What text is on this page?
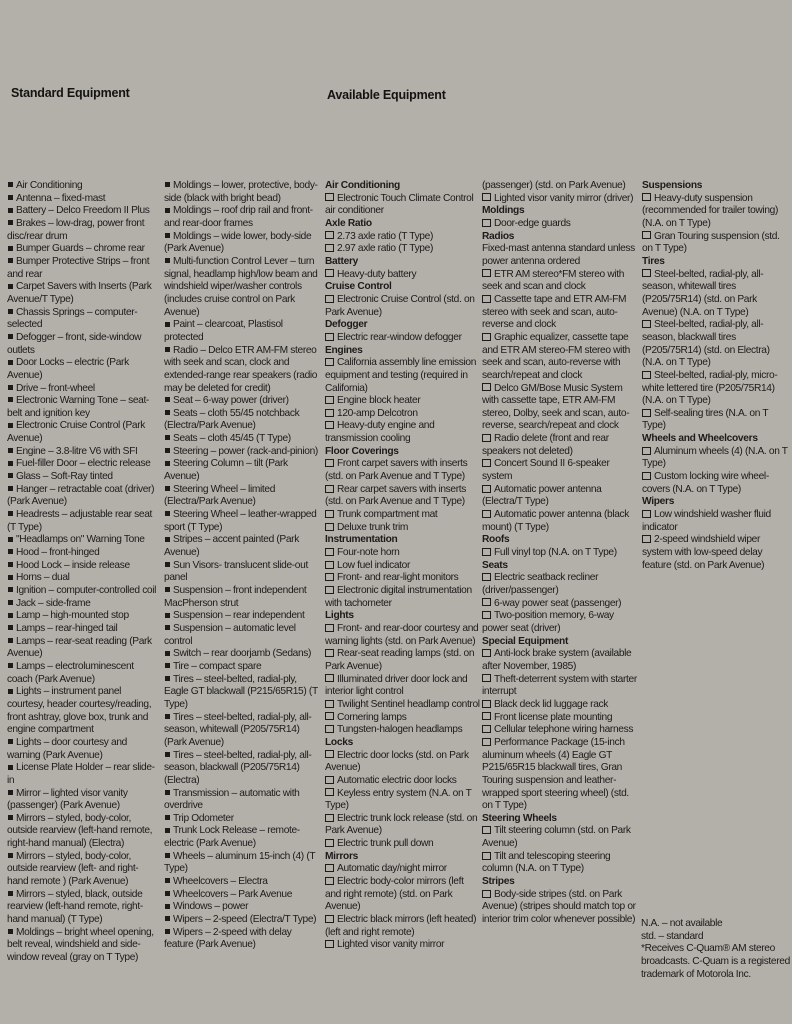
Standard Equipment	Available Equipment

Air Conditioning

Antenna – fixed-mast

Battery – Delco Freedom II Plus

Brakes – low-drag, power front disc/rear drum

Bumper Guards – chrome rear

Bumper Protective Strips – front and rear

Carpet Savers with Inserts (Park Avenue/T Type)

Chassis Springs – computer-selected

Defogger – front, side-window outlets

Door Locks – electric (Park Avenue)

Drive – front-wheel

Electronic Warning Tone – seat-belt and ignition key

Electronic Cruise Control (Park Avenue)

Engine – 3.8-litre V6 with SFI

Fuel-filler Door – electric release

Glass – Soft-Ray tinted

Hanger – retractable coat (driver) (Park Avenue)

Headrests – adjustable rear seat (T Type)

"Headlamps on" Warning Tone

Hood – front-hinged

Hood Lock – inside release

Horns – dual

Ignition – computer-controlled coil

Jack – side-frame

Lamp – high-mounted stop

Lamps – rear-hinged tail

Lamps – rear-seat reading (Park Avenue)

Lamps – electroluminescent coach (Park Avenue)

Lights – instrument panel courtesy, header courtesy/reading, front ashtray, glove box, trunk and engine compartment

Lights – door courtesy and warning (Park Avenue)

License Plate Holder – rear slide-in

Mirror – lighted visor vanity (passenger) (Park Avenue)

Mirrors – styled, body-color, outside rearview (left-hand remote, right-hand manual) (Electra)

Mirrors – styled, body-color, outside rearview (left- and right-hand remote ) (Park Avenue)

Mirrors – styled, black, outside rearview (left-hand remote, right-hand manual) (T Type)

Moldings – bright wheel opening, belt reveal, windshield and side-window reveal (gray on T Type)

Moldings – lower, protective, body-side (black with bright bead)

Moldings – roof drip rail and front- and rear-door frames

Moldings – wide lower, body-side (Park Avenue)

Multi-function Control Lever – turn signal, headlamp high/low beam and windshield wiper/washer controls (includes cruise control on Park Avenue)

Paint – clearcoat, Plastisol protected

Radio – Delco ETR AM-FM stereo with seek and scan, clock and extended-range rear speakers (radio may be deleted for credit)

Seat – 6-way power (driver)

Seats – cloth 55/45 notchback (Electra/Park Avenue)

Seats – cloth 45/45 (T Type)

Steering – power (rack-and-pinion)

Steering Column – tilt (Park Avenue)

Steering Wheel – limited (Electra/Park Avenue)

Steering Wheel – leather-wrapped sport (T Type)

Stripes – accent painted (Park Avenue)

Sun Visors- translucent slide-out panel

Suspension – front independent MacPherson strut

Suspension – rear independent

Suspension – automatic level control

Switch – rear doorjamb (Sedans)

Tire – compact spare

Tires – steel-belted, radial-ply, Eagle GT blackwall (P215/65R15) (T Type)

Tires – steel-belted, radial-ply, all-season, whitewall (P205/75R14) (Park Avenue)

Tires – steel-belted, radial-ply, all-season, blackwall (P205/75R14) (Electra)

Transmission – automatic with overdrive

Trip Odometer

Trunk Lock Release – remote-electric (Park Avenue)

Wheels – aluminum 15-inch (4) (T Type)

Wheelcovers – Electra

Wheelcovers – Park Avenue

Windows – power

Wipers – 2-speed (Electra/T Type)

Wipers – 2-speed with delay feature (Park Avenue)

Air Conditioning

Electronic Touch Climate Control air conditioner

Axle Ratio

2.73 axle ratio (T Type)

2.97 axle ratio (T Type)

Battery

Heavy-duty battery

Cruise Control

Electronic Cruise Control (std. on Park Avenue)

Defogger

Electric rear-window defogger

Engines

California assembly line emission equipment and testing (required in California)

Engine block heater

120-amp Delcotron

Heavy-duty engine and transmission cooling

Floor Coverings

Front carpet savers with inserts (std. on Park Avenue and T Type)

Rear carpet savers with inserts (std. on Park Avenue and T Type)

Trunk compartment mat

Deluxe trunk trim

Instrumentation

Four-note horn

Low fuel indicator

Front- and rear-light monitors

Electronic digital instrumentation with tachometer

Lights

Front- and rear-door courtesy and warning lights (std. on Park Avenue)

Rear-seat reading lamps (std. on Park Avenue)

Illuminated driver door lock and interior light control

Twilight Sentinel headlamp control

Cornering lamps

Tungsten-halogen headlamps

Locks

Electric door locks (std. on Park Avenue)

Automatic electric door locks

Keyless entry system (N.A. on T Type)

Electric trunk lock release (std. on Park Avenue)

Electric trunk pull down

Mirrors

Automatic day/night mirror

Electric body-color mirrors (left and right remote) (std. on Park Avenue)

Electric black mirrors (left heated) (left and right remote)

Lighted visor vanity mirror

(passenger) (std. on Park Avenue)

Lighted visor vanity mirror (driver)

Moldings

Door-edge guards

Radios

Fixed-mast antenna standard unless power antenna ordered

ETR AM stereo*FM stereo with seek and scan and clock

Cassette tape and ETR AM-FM stereo with seek and scan, auto-reverse and clock

Graphic equalizer, cassette tape and ETR AM stereo-FM stereo with seek and scan, auto-reverse with search/repeat and clock

Delco GM/Bose Music System with cassette tape, ETR AM-FM stereo, Dolby, seek and scan, auto-reverse, search/repeat and clock

Radio delete (front and rear speakers not deleted)

Concert Sound II 6-speaker system

Automatic power antenna (Electra/T Type)

Automatic power antenna (black mount) (T Type)

Roofs

Full vinyl top (N.A. on T Type)

Seats

Electric seatback recliner (driver/passenger)

6-way power seat (passenger)

Two-position memory, 6-way power seat (driver)

Special Equipment

Anti-lock brake system (available after November, 1985)

Theft-deterrent system with starter interrupt

Black deck lid luggage rack

Front license plate mounting

Cellular telephone wiring harness

Performance Package (15-inch aluminum wheels (4) Eagle GT P215/65R15 blackwall tires, Gran Touring suspension and leather-wrapped sport steering wheel) (std. on T Type)

Steering Wheels

Tilt steering column (std. on Park Avenue)

Tilt and telescoping steering column (N.A. on T Type)

Stripes

Body-side stripes (std. on Park Avenue) (stripes should match top or interior trim color whenever possible)

Suspensions

Heavy-duty suspension (recommended for trailer towing) (N.A. on T Type)

Gran Touring suspension (std. on T Type)

Tires

Steel-belted, radial-ply, all-season, whitewall tires (P205/75R14) (std. on Park Avenue) (N.A. on T Type)

Steel-belted, radial-ply, all-season, blackwall tires (P205/75R14) (std. on Electra) (N.A. on T Type)

Steel-belted, radial-ply, micro-white lettered tire (P205/75R14) (N.A. on T Type)

Self-sealing tires (N.A. on T Type)

Wheels and Wheelcovers

Aluminum wheels (4) (N.A. on T Type)

Custom locking wire wheel-covers (N.A. on T Type)

Wipers

Low windshield washer fluid indicator

2-speed windshield wiper system with low-speed delay feature (std. on Park Avenue)

N.A. – not available

std. – standard

*Receives C-Quam® AM stereo broadcasts. C-Quam is a registered trademark of Motorola Inc.
